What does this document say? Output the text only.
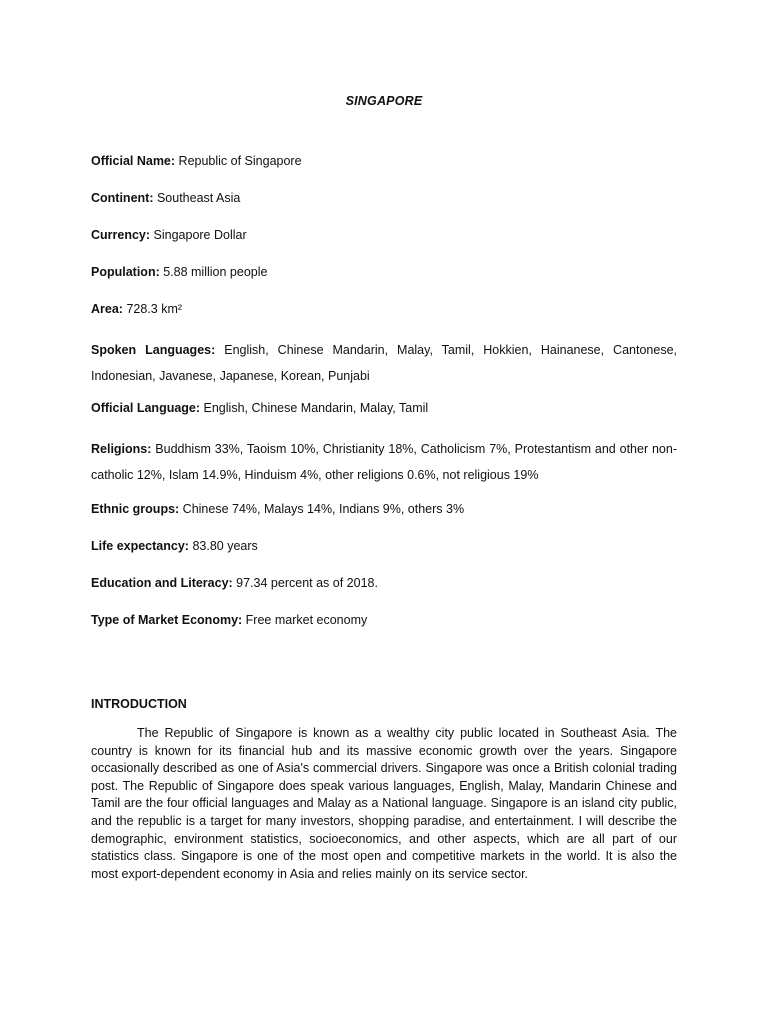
SINGAPORE

Official Name: Republic of Singapore

Continent: Southeast Asia

Currency: Singapore Dollar

Population: 5.88 million people

Area: 728.3 km²

Spoken Languages: English, Chinese Mandarin, Malay, Tamil, Hokkien, Hainanese, Cantonese, Indonesian, Javanese, Japanese, Korean, Punjabi

Official Language: English, Chinese Mandarin, Malay, Tamil

Religions: Buddhism 33%, Taoism 10%, Christianity 18%, Catholicism 7%, Protestantism and other non-catholic 12%, Islam 14.9%, Hinduism 4%, other religions 0.6%, not religious 19%

Ethnic groups: Chinese 74%, Malays 14%, Indians 9%, others 3%

Life expectancy: 83.80 years

Education and Literacy: 97.34 percent as of 2018.

Type of Market Economy: Free market economy

INTRODUCTION

The Republic of Singapore is known as a wealthy city public located in Southeast Asia. The country is known for its financial hub and its massive economic growth over the years. Singapore occasionally described as one of Asia's commercial drivers. Singapore was once a British colonial trading post. The Republic of Singapore does speak various languages, English, Malay, Mandarin Chinese and Tamil are the four official languages and Malay as a National language. Singapore is an island city public, and the republic is a target for many investors, shopping paradise, and entertainment. I will describe the demographic, environment statistics, socioeconomics, and other aspects, which are all part of our statistics class. Singapore is one of the most open and competitive markets in the world. It is also the most export-dependent economy in Asia and relies mainly on its service sector.
